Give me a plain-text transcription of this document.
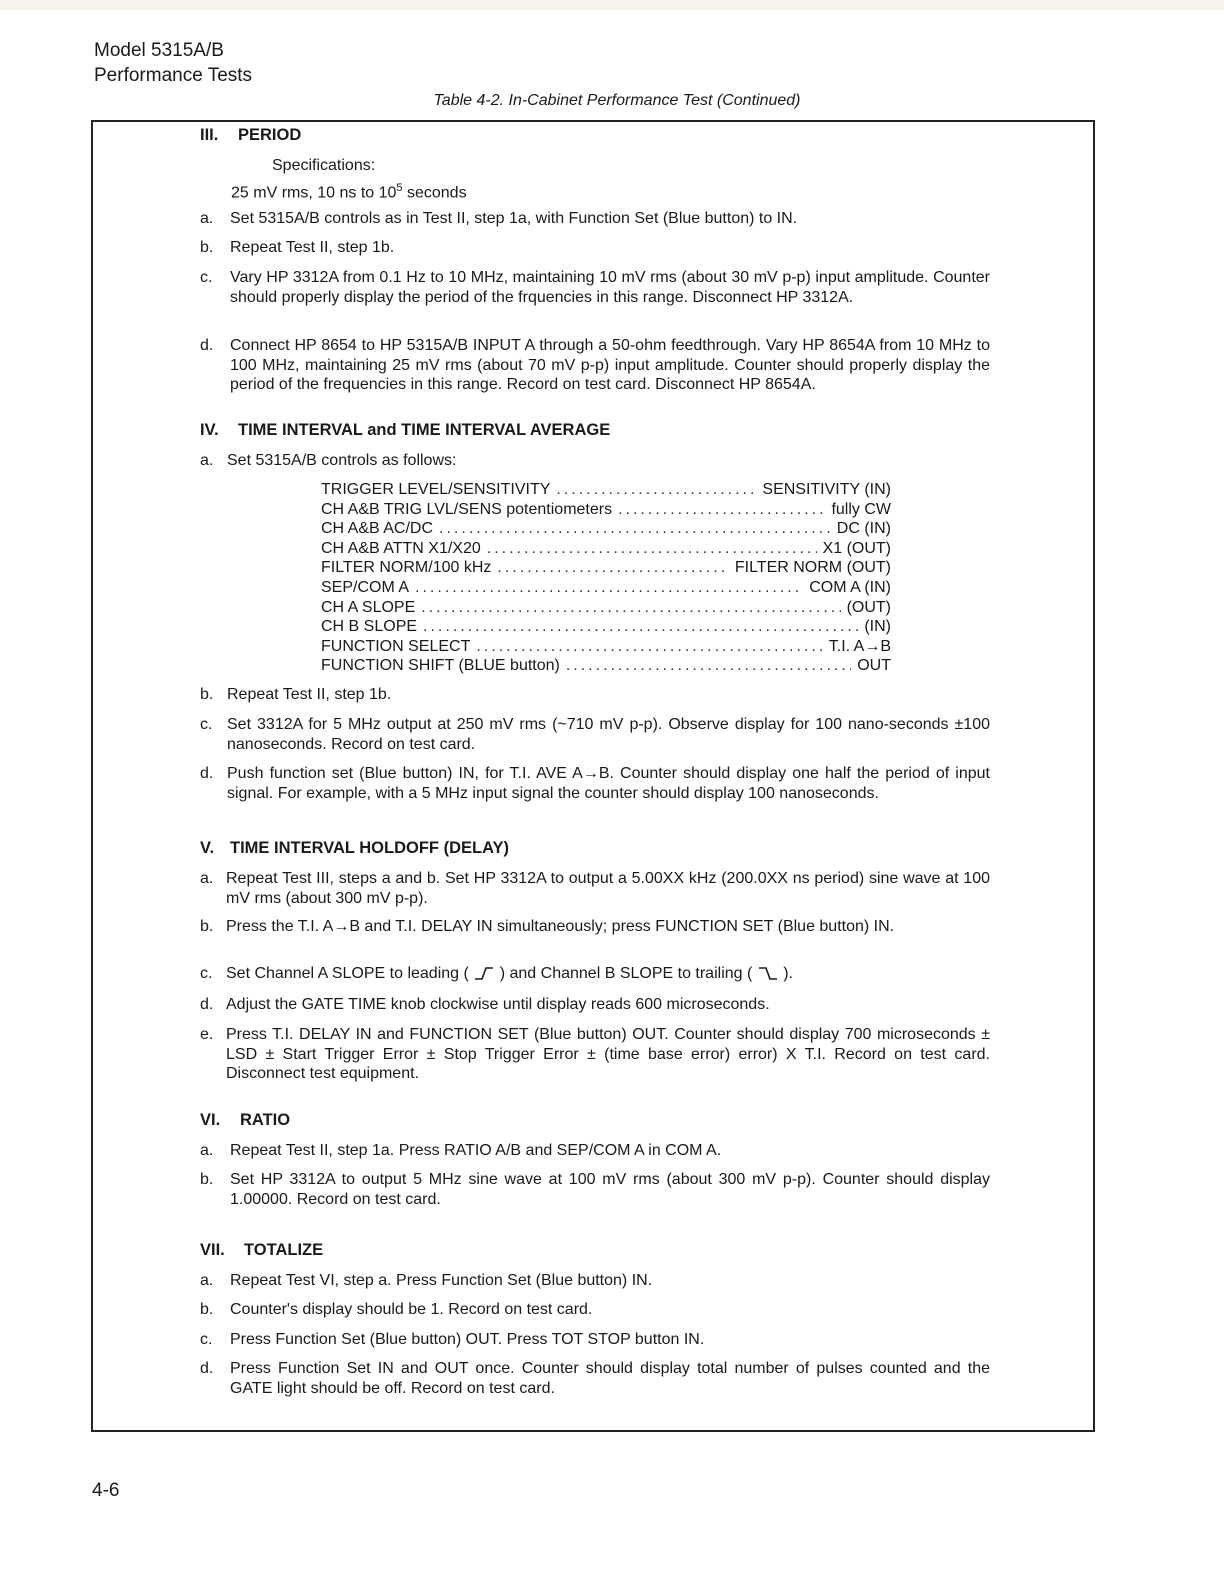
Model 5315A/B
Performance Tests
Table 4-2. In-Cabinet Performance Test (Continued)
III. PERIOD
Specifications:
25 mV rms, 10 ns to $10^5$ seconds
a. Set 5315A/B controls as in Test II, step 1a, with Function Set (Blue button) to IN.
b. Repeat Test II, step 1b.
c. Vary HP 3312A from 0.1 Hz to 10 MHz, maintaining 10 mV rms (about 30 mV p-p) input amplitude. Counter should properly display the period of the frquencies in this range. Disconnect HP 3312A.
d. Connect HP 8654 to HP 5315A/B INPUT A through a 50-ohm feedthrough. Vary HP 8654A from 10 MHz to 100 MHz, maintaining 25 mV rms (about 70 mV p-p) input amplitude. Counter should properly display the period of the frequencies in this range. Record on test card. Disconnect HP 8654A.
IV. TIME INTERVAL and TIME INTERVAL AVERAGE
a. Set 5315A/B controls as follows:
TRIGGER LEVEL/SENSITIVITY .....	SENSITIVITY (IN)
CH A&B TRIG LVL/SENS potentiometers .....	fully CW
CH A&B AC/DC .....	DC (IN)
CH A&B ATTN X1/X20 .....	X1 (OUT)
FILTER NORM/100 kHz .....	FILTER NORM (OUT)
SEP/COM A .....	COM A (IN)
CH A SLOPE .....	(OUT)
CH B SLOPE .....	(IN)
FUNCTION SELECT .....	T.I. A→B
FUNCTION SHIFT (BLUE button) .....	OUT
b. Repeat Test II, step 1b.
c. Set 3312A for 5 MHz output at 250 mV rms (~710 mV p-p). Observe display for 100 nano-seconds ±100 nanoseconds. Record on test card.
d. Push function set (Blue button) IN, for T.I. AVE A→B. Counter should display one half the period of input signal. For example, with a 5 MHz input signal the counter should display 100 nanoseconds.
V. TIME INTERVAL HOLDOFF (DELAY)
a. Repeat Test III, steps a and b. Set HP 3312A to output a 5.00XX kHz (200.0XX ns period) sine wave at 100 mV rms (about 300 mV p-p).
b. Press the T.I. A→B and T.I. DELAY IN simultaneously; press FUNCTION SET (Blue button) IN.
c. Set Channel A SLOPE to leading ( ) and Channel B SLOPE to trailing ( ).
d. Adjust the GATE TIME knob clockwise until display reads 600 microseconds.
e. Press T.I. DELAY IN and FUNCTION SET (Blue button) OUT. Counter should display 700 microseconds ± LSD ± Start Trigger Error ± Stop Trigger Error ± (time base error) error) X T.I. Record on test card. Disconnect test equipment.
VI. RATIO
a. Repeat Test II, step 1a. Press RATIO A/B and SEP/COM A in COM A.
b. Set HP 3312A to output 5 MHz sine wave at 100 mV rms (about 300 mV p-p). Counter should display 1.00000. Record on test card.
VII. TOTALIZE
a. Repeat Test VI, step a. Press Function Set (Blue button) IN.
b. Counter's display should be 1. Record on test card.
c. Press Function Set (Blue button) OUT. Press TOT STOP button IN.
d. Press Function Set IN and OUT once. Counter should display total number of pulses counted and the GATE light should be off. Record on test card.
4-6
